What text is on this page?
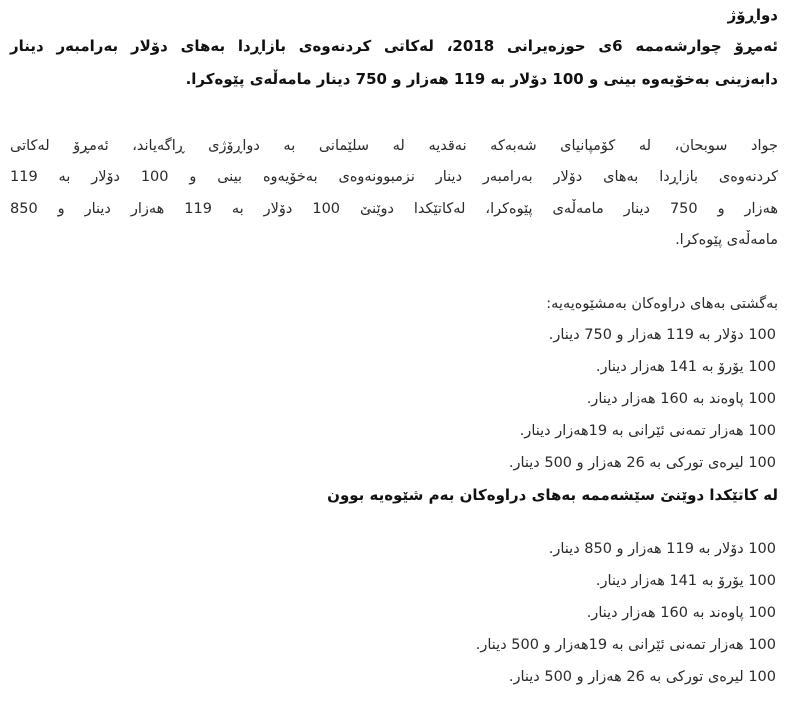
دواڕۆژ
ئەمڕۆ چوارشەممە 6ی حوزەیرانی 2018، لەکاتی کردنەوەی بازاڕدا بەهای دۆلار بەرامبەر دینار
دابەزینی بەخۆیەوە بینی و 100 دۆلار بە 119 هەزار و 750 دینار مامەڵەی پێوەکرا.
جواد سوبحان، لە کۆمپانیای شەبەکە نەقدیە لە سلێمانی بە دواڕۆژی ڕاگەیاند، ئەمڕۆ لەکاتی
کردنەوەی بازاڕدا بەهای دۆلار بەرامبەر دینار نزمبوونەوەی بەخۆیەوە بینی و 100 دۆلار بە 119
هەزار و 750 دینار مامەڵەی پێوەکرا، لەکاتێکدا دوێنێ 100 دۆلار بە 119 هەزار دینار و 850
مامەڵەی پێوەکرا.
بەگشتی بەهای دراوەکان بەمشێوەیەیە:
100 دۆلار بە 119 هەزار و 750 دینار.
100 یۆرۆ بە 141 هەزار دینار.
100 پاوەند بە 160 هەزار دینار.
100 هەزار تمەنی ئێرانی بە 19هەزار دینار.
100 لیرەی تورکی بە 26 هەزار و 500 دینار.
لە کاتێکدا دوێنێ سێشەممە بەهای دراوەکان بەم شێوەیە بوون
100 دۆلار بە 119 هەزار و 850 دینار.
100 یۆرۆ بە 141 هەزار دینار.
100 پاوەند بە 160 هەزار دینار.
100 هەزار تمەنی ئێرانی بە 19هەزار و 500 دینار.
100 لیرەی تورکی بە 26 هەزار و 500 دینار.
